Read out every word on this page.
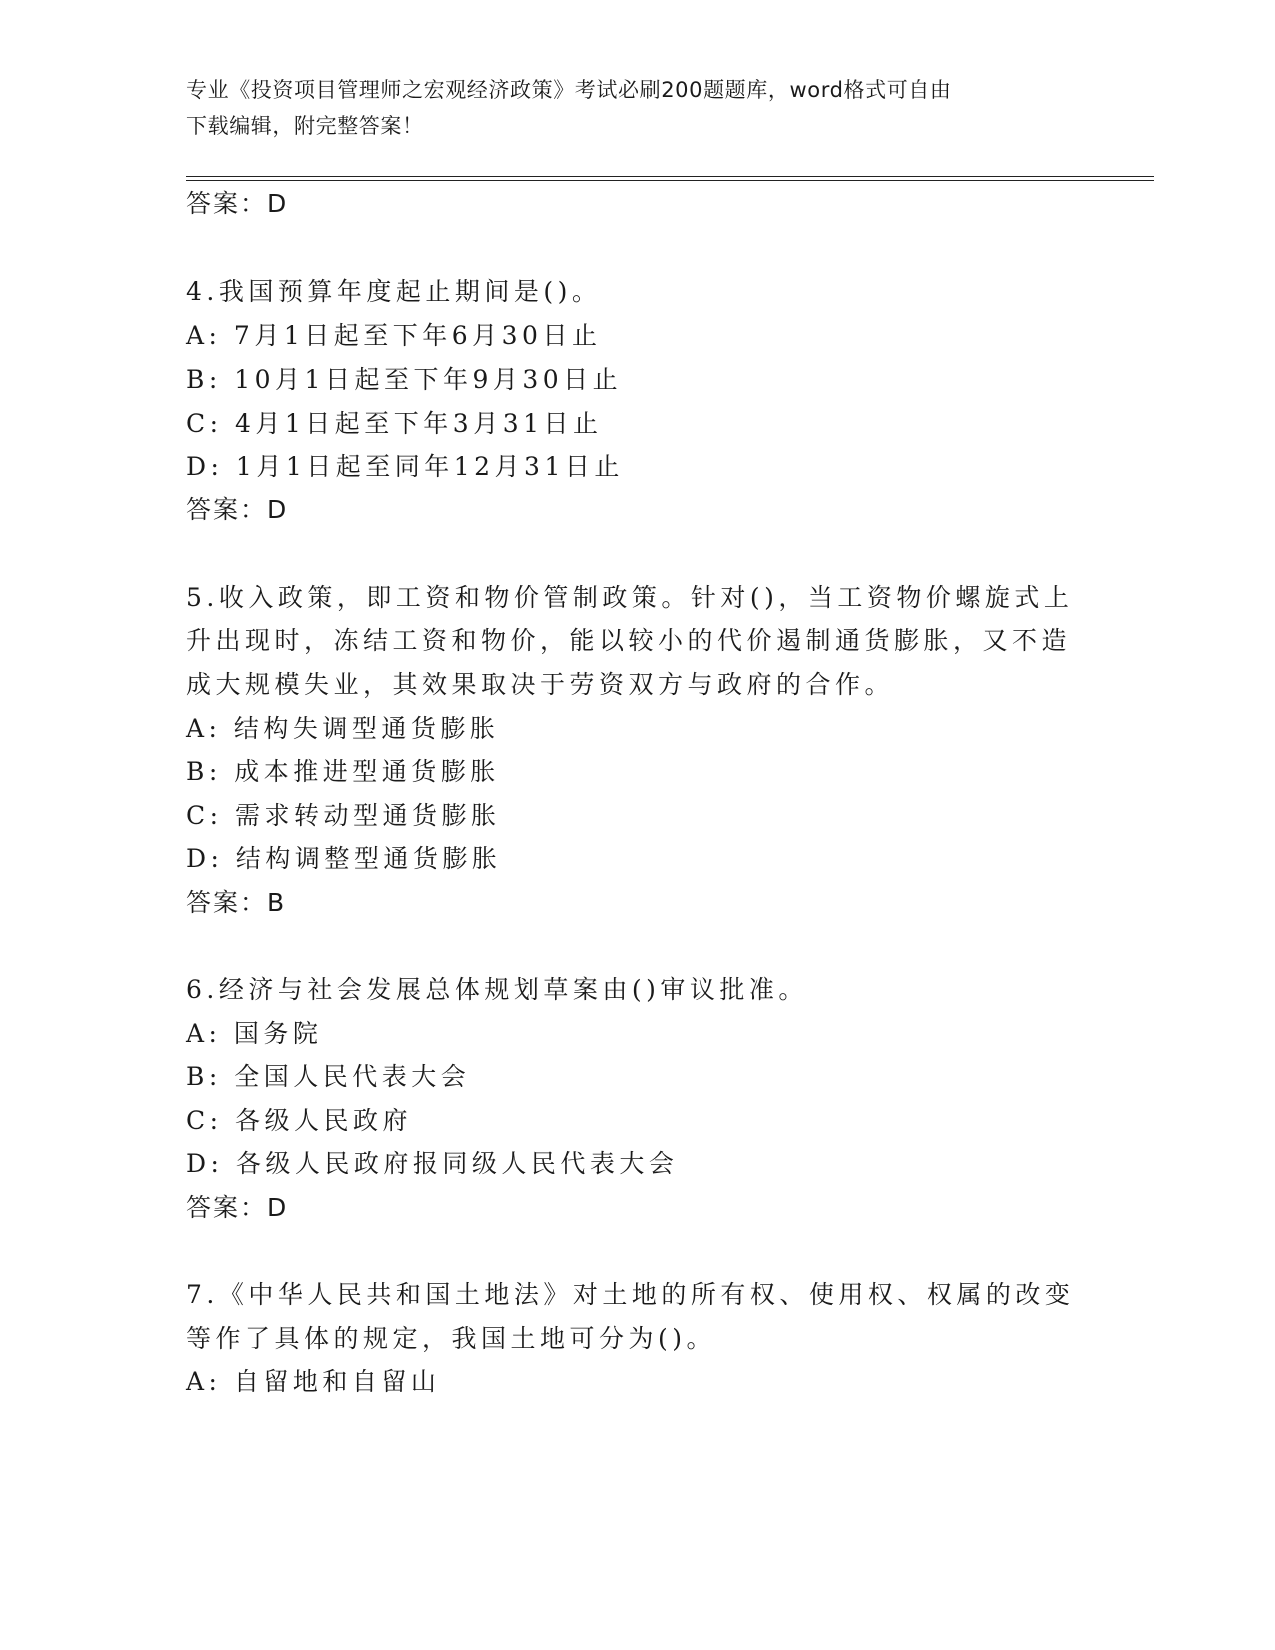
专业《投资项目管理师之宏观经济政策》考试必刷200题题库，word格式可自由
下载编辑，附完整答案！
答案：D
4.我国预算年度起止期间是()。
A: 7月1日起至下年6月30日止
B: 10月1日起至下年9月30日止
C: 4月1日起至下年3月31日止
D: 1月1日起至同年12月31日止
答案：D
5.收入政策，即工资和物价管制政策。针对()，当工资物价螺旋式上
升出现时，冻结工资和物价，能以较小的代价遏制通货膨胀，又不造
成大规模失业，其效果取决于劳资双方与政府的合作。
A: 结构失调型通货膨胀
B: 成本推进型通货膨胀
C: 需求转动型通货膨胀
D: 结构调整型通货膨胀
答案：B
6.经济与社会发展总体规划草案由()审议批准。
A: 国务院
B: 全国人民代表大会
C: 各级人民政府
D: 各级人民政府报同级人民代表大会
答案：D
7.《中华人民共和国土地法》对土地的所有权、使用权、权属的改变
等作了具体的规定，我国土地可分为()。
A: 自留地和自留山
